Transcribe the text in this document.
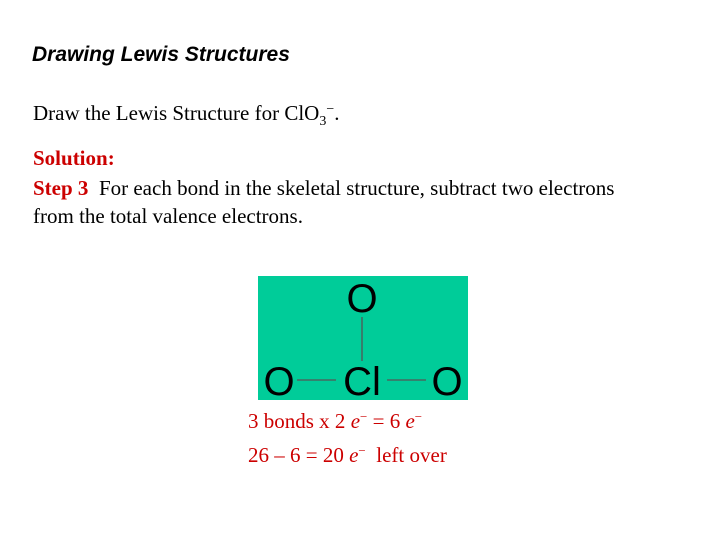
Drawing Lewis Structures
Draw the Lewis Structure for ClO$_3$−.
Solution:
Step 3 For each bond in the skeletal structure, subtract two electrons from the total valence electrons.
O
O Cl O
3 bonds x 2 e− = 6 e−
26 – 6 = 20 e−  left over
